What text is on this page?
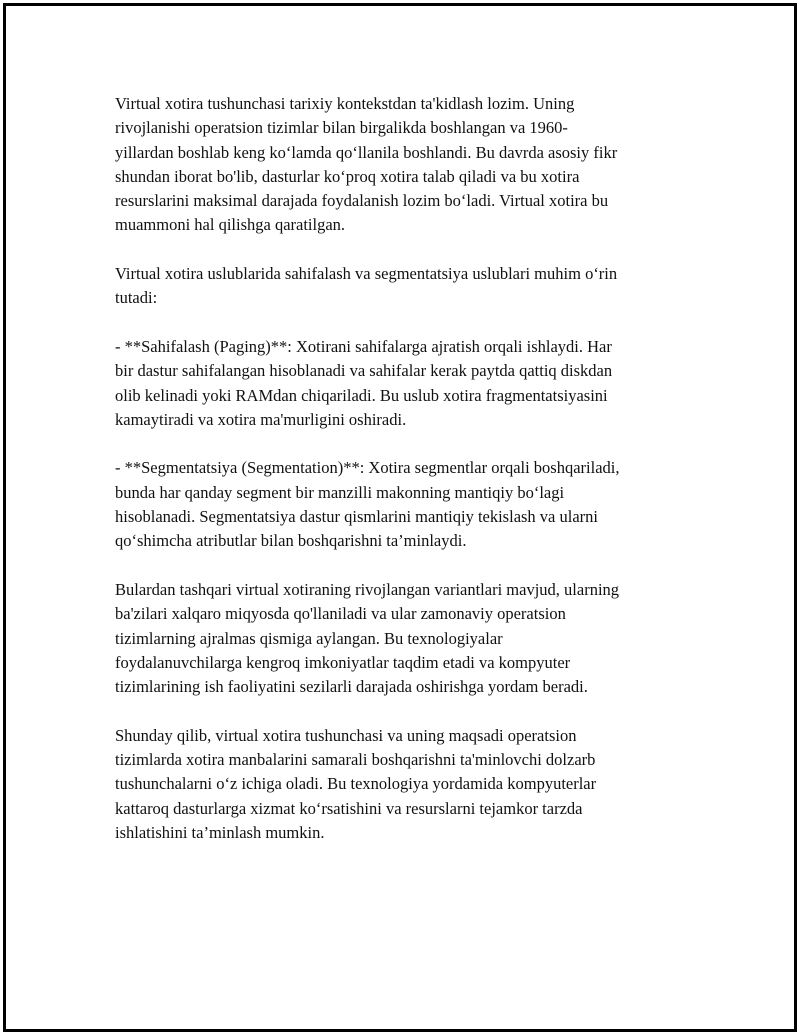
Virtual xotira tushunchasi tarixiy kontekstdan ta'kidlash lozim. Uning
rivojlanishi operatsion tizimlar bilan birgalikda boshlangan va 1960-
yillardan boshlab keng ko‘lamda qo‘llanila boshlandi. Bu davrda asosiy fikr
shundan iborat bo'lib, dasturlar ko‘proq xotira talab qiladi va bu xotira
resurslarini maksimal darajada foydalanish lozim bo‘ladi. Virtual xotira bu
muammoni hal qilishga qaratilgan.

Virtual xotira uslublarida sahifalash va segmentatsiya uslublari muhim o‘rin
tutadi:

- **Sahifalash (Paging)**: Xotirani sahifalarga ajratish orqali ishlaydi. Har
bir dastur sahifalangan hisoblanadi va sahifalar kerak paytda qattiq diskdan
olib kelinadi yoki RAMdan chiqariladi. Bu uslub xotira fragmentatsiyasini
kamaytiradi va xotira ma'murligini oshiradi.

- **Segmentatsiya (Segmentation)**: Xotira segmentlar orqali boshqariladi,
bunda har qanday segment bir manzilli makonning mantiqiy bo‘lagi
hisoblanadi. Segmentatsiya dastur qismlarini mantiqiy tekislash va ularni
qo‘shimcha atributlar bilan boshqarishni ta’minlaydi.

Bulardan tashqari virtual xotiraning rivojlangan variantlari mavjud, ularning
ba'zilari xalqaro miqyosda qo'llaniladi va ular zamonaviy operatsion
tizimlarning ajralmas qismiga aylangan. Bu texnologiyalar
foydalanuvchilarga kengroq imkoniyatlar taqdim etadi va kompyuter
tizimlarining ish faoliyatini sezilarli darajada oshirishga yordam beradi.

Shunday qilib, virtual xotira tushunchasi va uning maqsadi operatsion
tizimlarda xotira manbalarini samarali boshqarishni ta'minlovchi dolzarb
tushunchalarni o‘z ichiga oladi. Bu texnologiya yordamida kompyuterlar
kattaroq dasturlarga xizmat ko‘rsatishini va resurslarni tejamkor tarzda
ishlatishini ta’minlash mumkin.
